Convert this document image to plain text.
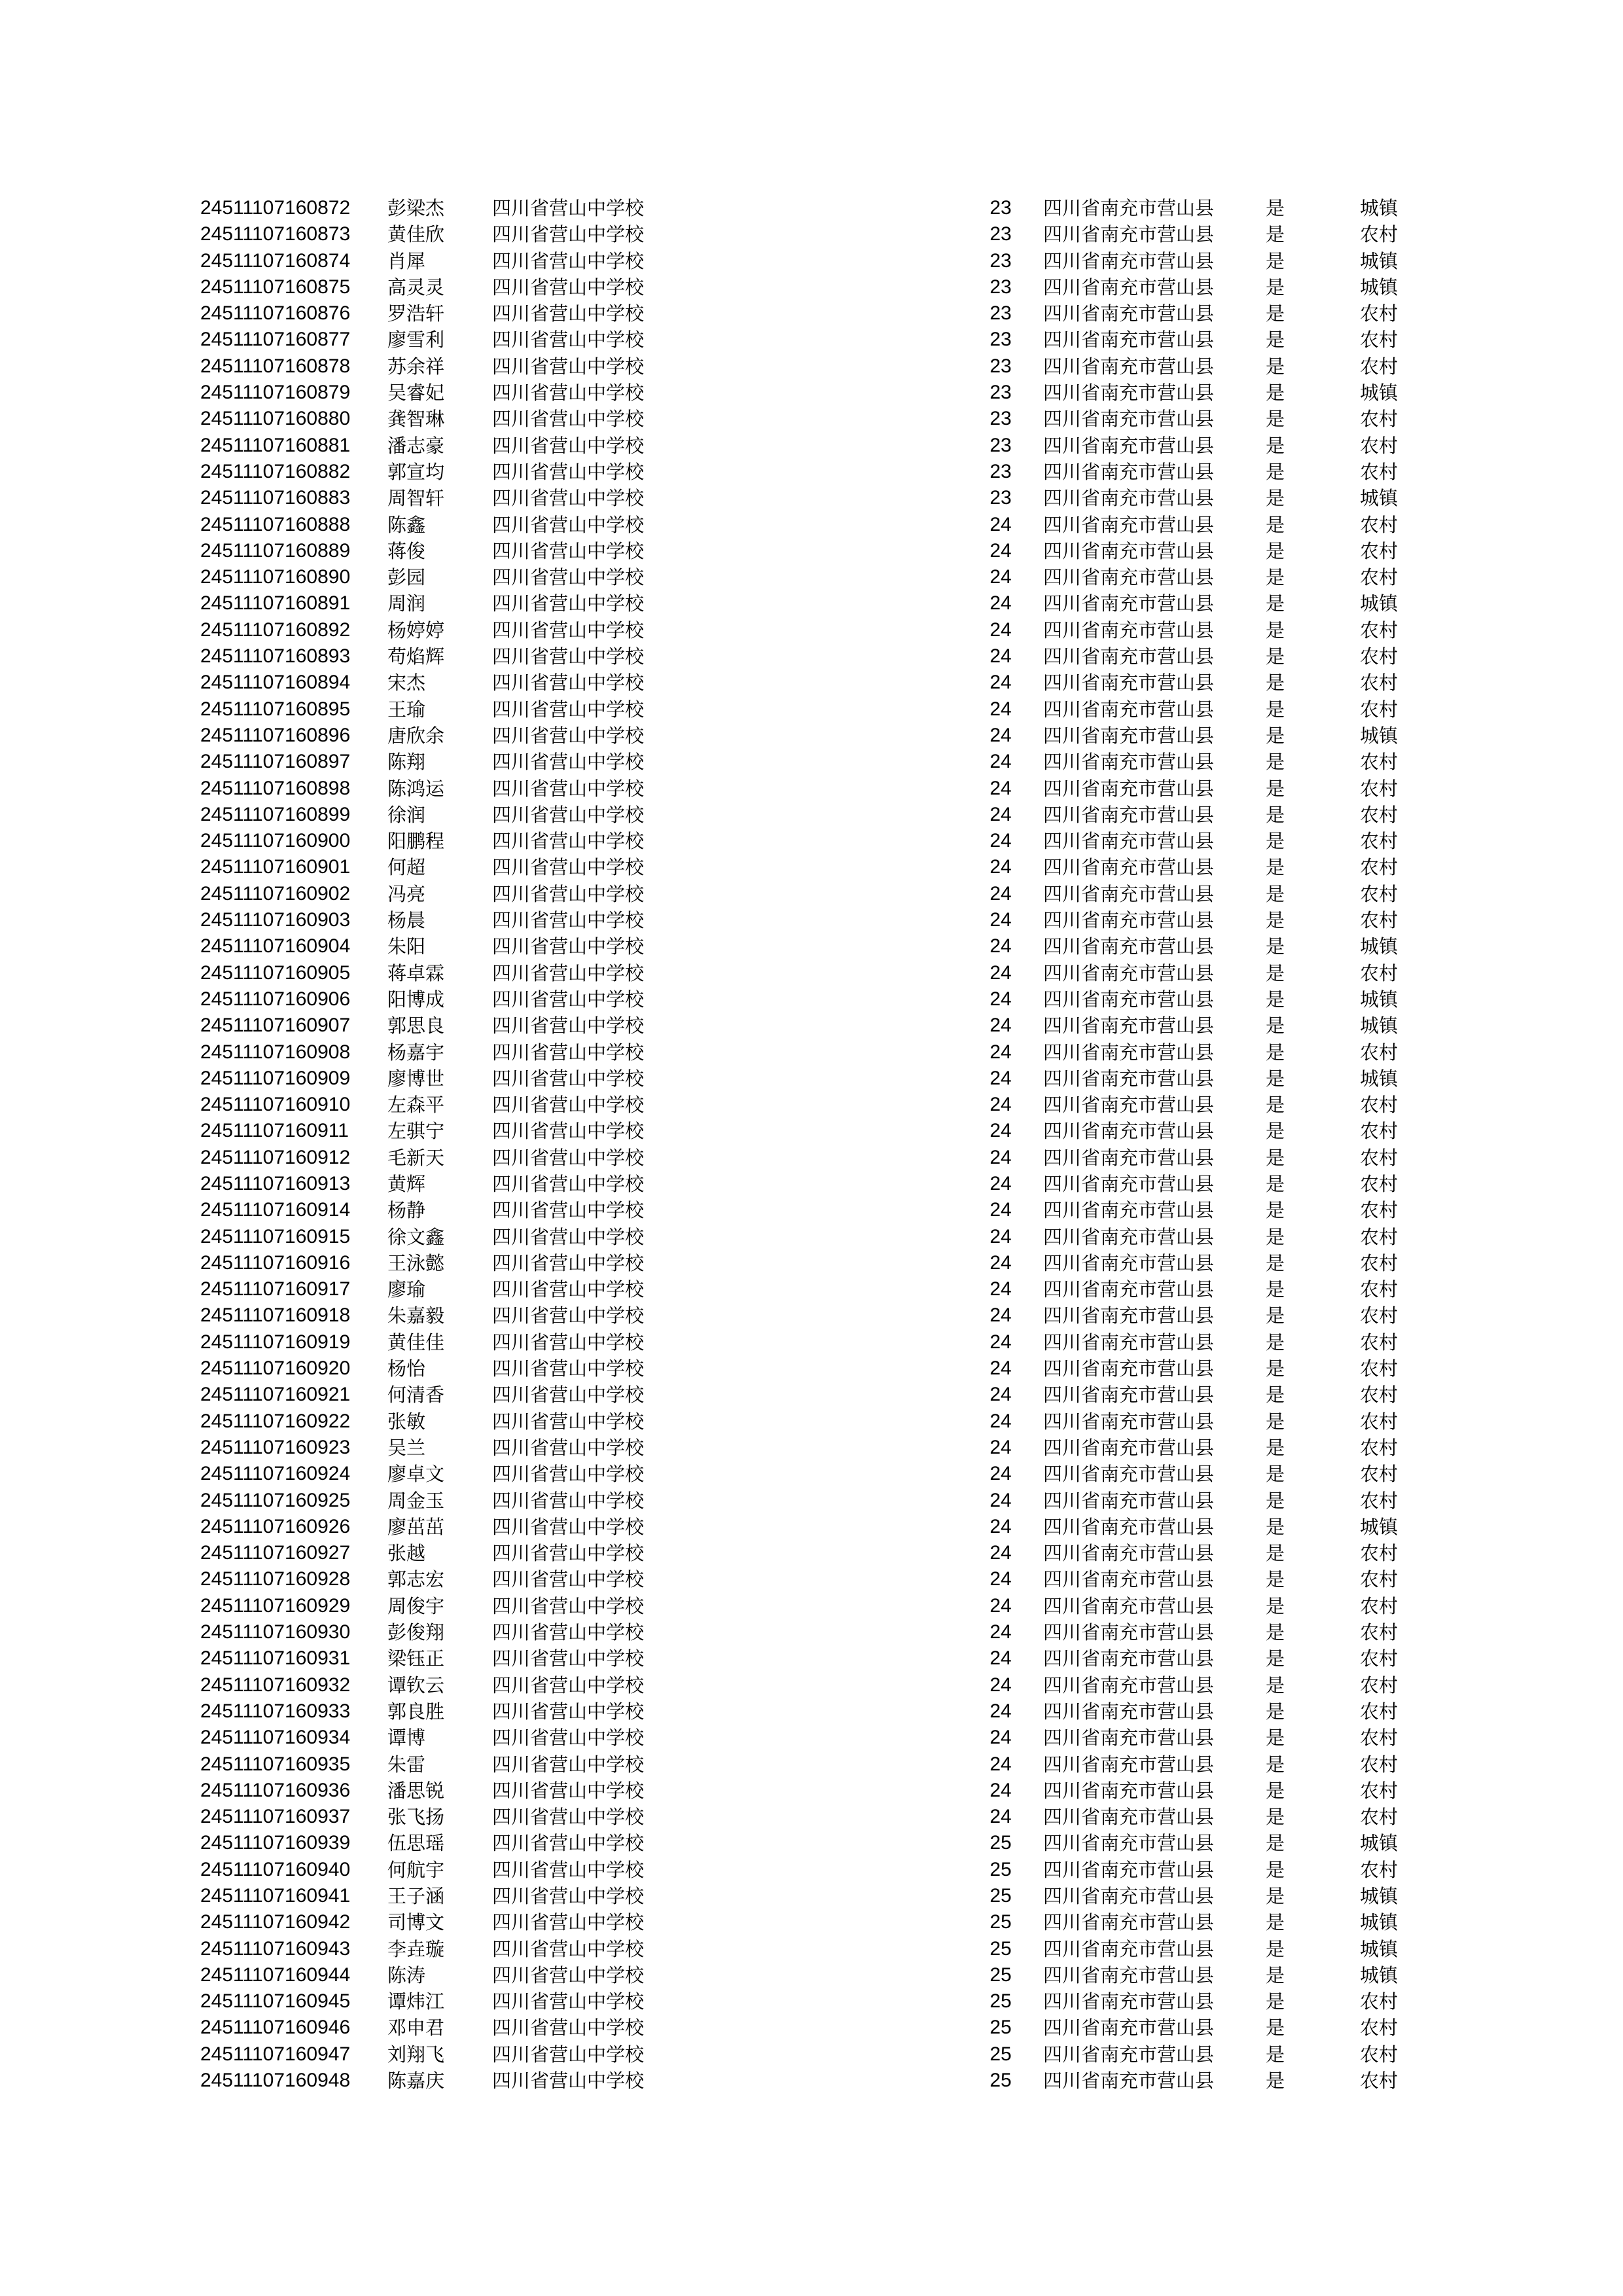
24511107160872 彭梁杰	四川省营山中学校	23	四川省南充市营山县	是	城镇
24511107160873 黄佳欣	四川省营山中学校	23	四川省南充市营山县	是	农村
24511107160874 肖犀	四川省营山中学校	23	四川省南充市营山县	是	城镇
24511107160875 高灵灵	四川省营山中学校	23	四川省南充市营山县	是	城镇
24511107160876 罗浩轩	四川省营山中学校	23	四川省南充市营山县	是	农村
24511107160877 廖雪利	四川省营山中学校	23	四川省南充市营山县	是	农村
24511107160878 苏余祥	四川省营山中学校	23	四川省南充市营山县	是	农村
24511107160879 吴睿妃	四川省营山中学校	23	四川省南充市营山县	是	城镇
24511107160880 龚智琳	四川省营山中学校	23	四川省南充市营山县	是	农村
24511107160881 潘志豪	四川省营山中学校	23	四川省南充市营山县	是	农村
24511107160882 郭宣均	四川省营山中学校	23	四川省南充市营山县	是	农村
24511107160883 周智轩	四川省营山中学校	23	四川省南充市营山县	是	城镇
24511107160888 陈鑫	四川省营山中学校	24	四川省南充市营山县	是	农村
24511107160889 蒋俊	四川省营山中学校	24	四川省南充市营山县	是	农村
24511107160890 彭园	四川省营山中学校	24	四川省南充市营山县	是	农村
24511107160891 周润	四川省营山中学校	24	四川省南充市营山县	是	城镇
24511107160892 杨婷婷	四川省营山中学校	24	四川省南充市营山县	是	农村
24511107160893 苟焰辉	四川省营山中学校	24	四川省南充市营山县	是	农村
24511107160894 宋杰	四川省营山中学校	24	四川省南充市营山县	是	农村
24511107160895 王瑜	四川省营山中学校	24	四川省南充市营山县	是	农村
24511107160896 唐欣余	四川省营山中学校	24	四川省南充市营山县	是	城镇
24511107160897 陈翔	四川省营山中学校	24	四川省南充市营山县	是	农村
24511107160898 陈鸿运	四川省营山中学校	24	四川省南充市营山县	是	农村
24511107160899 徐润	四川省营山中学校	24	四川省南充市营山县	是	农村
24511107160900 阳鹏程	四川省营山中学校	24	四川省南充市营山县	是	农村
24511107160901 何超	四川省营山中学校	24	四川省南充市营山县	是	农村
24511107160902 冯亮	四川省营山中学校	24	四川省南充市营山县	是	农村
24511107160903 杨晨	四川省营山中学校	24	四川省南充市营山县	是	农村
24511107160904 朱阳	四川省营山中学校	24	四川省南充市营山县	是	城镇
24511107160905 蒋卓霖	四川省营山中学校	24	四川省南充市营山县	是	农村
24511107160906 阳博成	四川省营山中学校	24	四川省南充市营山县	是	城镇
24511107160907 郭思良	四川省营山中学校	24	四川省南充市营山县	是	城镇
24511107160908 杨嘉宇	四川省营山中学校	24	四川省南充市营山县	是	农村
24511107160909 廖博世	四川省营山中学校	24	四川省南充市营山县	是	城镇
24511107160910 左森平	四川省营山中学校	24	四川省南充市营山县	是	农村
24511107160911 左骐宁	四川省营山中学校	24	四川省南充市营山县	是	农村
24511107160912 毛新天	四川省营山中学校	24	四川省南充市营山县	是	农村
24511107160913 黄辉	四川省营山中学校	24	四川省南充市营山县	是	农村
24511107160914 杨静	四川省营山中学校	24	四川省南充市营山县	是	农村
24511107160915 徐文鑫	四川省营山中学校	24	四川省南充市营山县	是	农村
24511107160916 王泳懿	四川省营山中学校	24	四川省南充市营山县	是	农村
24511107160917 廖瑜	四川省营山中学校	24	四川省南充市营山县	是	农村
24511107160918 朱嘉毅	四川省营山中学校	24	四川省南充市营山县	是	农村
24511107160919 黄佳佳	四川省营山中学校	24	四川省南充市营山县	是	农村
24511107160920 杨怡	四川省营山中学校	24	四川省南充市营山县	是	农村
24511107160921 何清香	四川省营山中学校	24	四川省南充市营山县	是	农村
24511107160922 张敏	四川省营山中学校	24	四川省南充市营山县	是	农村
24511107160923 吴兰	四川省营山中学校	24	四川省南充市营山县	是	农村
24511107160924 廖卓文	四川省营山中学校	24	四川省南充市营山县	是	农村
24511107160925 周金玉	四川省营山中学校	24	四川省南充市营山县	是	农村
24511107160926 廖茁茁	四川省营山中学校	24	四川省南充市营山县	是	城镇
24511107160927 张越	四川省营山中学校	24	四川省南充市营山县	是	农村
24511107160928 郭志宏	四川省营山中学校	24	四川省南充市营山县	是	农村
24511107160929 周俊宇	四川省营山中学校	24	四川省南充市营山县	是	农村
24511107160930 彭俊翔	四川省营山中学校	24	四川省南充市营山县	是	农村
24511107160931 梁钰正	四川省营山中学校	24	四川省南充市营山县	是	农村
24511107160932 谭钦云	四川省营山中学校	24	四川省南充市营山县	是	农村
24511107160933 郭良胜	四川省营山中学校	24	四川省南充市营山县	是	农村
24511107160934 谭博	四川省营山中学校	24	四川省南充市营山县	是	农村
24511107160935 朱雷	四川省营山中学校	24	四川省南充市营山县	是	农村
24511107160936 潘思锐	四川省营山中学校	24	四川省南充市营山县	是	农村
24511107160937 张飞扬	四川省营山中学校	24	四川省南充市营山县	是	农村
24511107160939 伍思瑶	四川省营山中学校	25	四川省南充市营山县	是	城镇
24511107160940 何航宇	四川省营山中学校	25	四川省南充市营山县	是	农村
24511107160941 王子涵	四川省营山中学校	25	四川省南充市营山县	是	城镇
24511107160942 司博文	四川省营山中学校	25	四川省南充市营山县	是	城镇
24511107160943 李垚璇	四川省营山中学校	25	四川省南充市营山县	是	城镇
24511107160944 陈涛	四川省营山中学校	25	四川省南充市营山县	是	城镇
24511107160945 谭炜江	四川省营山中学校	25	四川省南充市营山县	是	农村
24511107160946 邓申君	四川省营山中学校	25	四川省南充市营山县	是	农村
24511107160947 刘翔飞	四川省营山中学校	25	四川省南充市营山县	是	农村
24511107160948 陈嘉庆	四川省营山中学校	25	四川省南充市营山县	是	农村
